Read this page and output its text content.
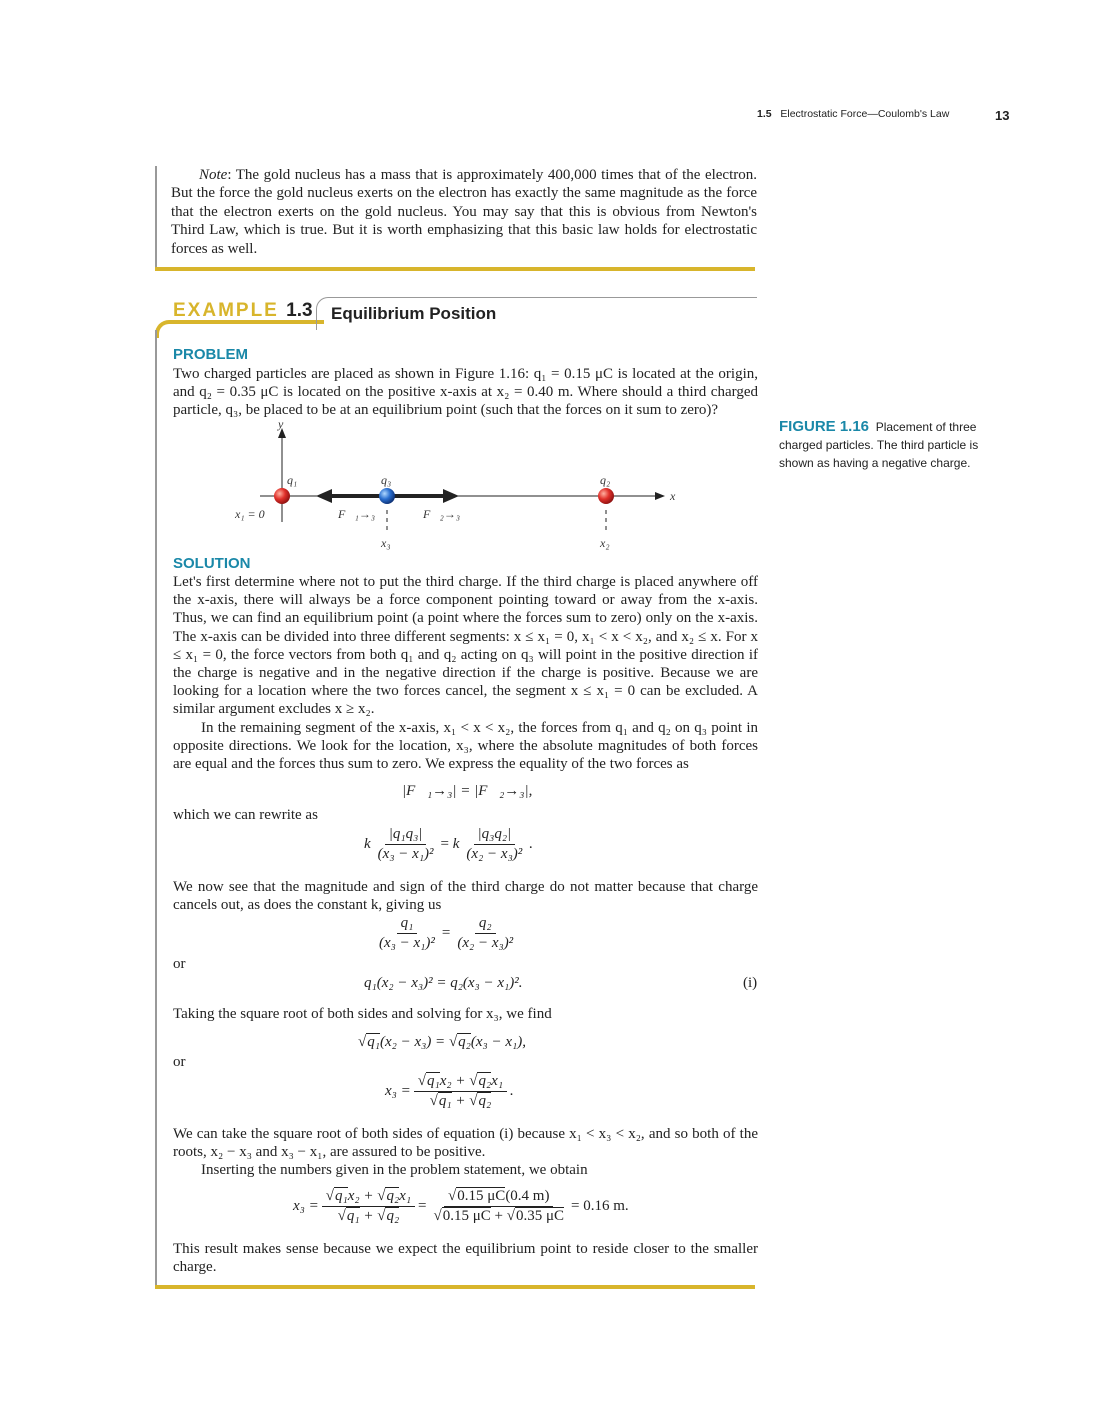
1.5 Electrostatic Force—Coulomb's Law	13

Note: The gold nucleus has a mass that is approximately 400,000 times that of the electron. But the force the gold nucleus exerts on the electron has exactly the same magnitude as the force that the electron exerts on the gold nucleus. You may say that this is obvious from Newton's Third Law, which is true. But it is worth emphasizing that this basic law holds for electrostatic forces as well.

EXAMPLE 1.3 Equilibrium Position
PROBLEM
Two charged particles are placed as shown in Figure 1.16: q₁ = 0.15 μC is located at the origin, and q₂ = 0.35 μC is located on the positive x-axis at x₂ = 0.40 m. Where should a third charged particle, q₃, be placed to be at an equilibrium point (such that the forces on it sum to zero)?
y
x
q₁	q₃	q₂
x₁ = 0	F⃗₁→₃	F⃗₂→₃
x₃	x₂
FIGURE 1.16 Placement of three charged particles. The third particle is shown as having a negative charge.
SOLUTION

Let's first determine where not to put the third charge. If the third charge is placed anywhere off the x-axis, there will always be a force component pointing toward or away from the x-axis. Thus, we can find an equilibrium point (a point where the forces sum to zero) only on the x-axis. The x-axis can be divided into three different segments: x ≤ x₁ = 0, x₁ < x < x₂, and x₂ ≤ x. For x ≤ x₁ = 0, the force vectors from both q₁ and q₂ acting on q₃ will point in the positive direction if the charge is negative and in the negative direction if the charge is positive. Because we are looking for a location where the two forces cancel, the segment x ≤ x₁ = 0 can be excluded. A similar argument excludes x ≥ x₂.

In the remaining segment of the x-axis, x₁ < x < x₂, the forces from q₁ and q₂ on q₃ point in opposite directions. We look for the location, x₃, where the absolute magnitudes of both forces are equal and the forces thus sum to zero. We express the equality of the two forces as

|F⃗₁→₃| = |F⃗₂→₃|,
which we can rewrite as
k $\frac{\text{|q₁q₃|}}{\text{(x₃ − x₁)²}}$ =
k $\frac{\text{|q₃q₂|}}{\text{(x₂ − x₃)²}}$ .
We now see that the magnitude and sign of the third charge do not matter because that charge cancels out, as does the constant k, giving us
$\frac{\text{q₁}}{\text{(x₃ − x₁)²}} = \frac{\text{q₂}}{\text{(x₂ − x₃)²}}$
or
q₁(x₂ − x₃)² = q₂(x₃ − x₁)².	(i)
Taking the square root of both sides and solving for x₃, we find
√ q₁ (x₂ − x₃) =
√ q₂ (x₃ − x₁),
or
$x_3 = \frac{\text{√q₁x₂ + √q₂x₁}}{\text{√q₁ + √q₂}}$ .

We can take the square root of both sides of equation (i) because x₁ < x₃ < x₂, and so both of the roots, x₂ − x₃ and x₃ − x₁, are assured to be positive.

Inserting the numbers given in the problem statement, we obtain

$x_3 = \frac{\text{√q₁x₂ + √q₂x₁}}{\text{√q₁ + √q₂}} = \frac{√0.15 \mu C(0.4 m)}{√0.15 \mu C + √0.35 \mu C} = 0.16$ m.
This result makes sense because we expect the equilibrium point to reside closer to the smaller charge.
